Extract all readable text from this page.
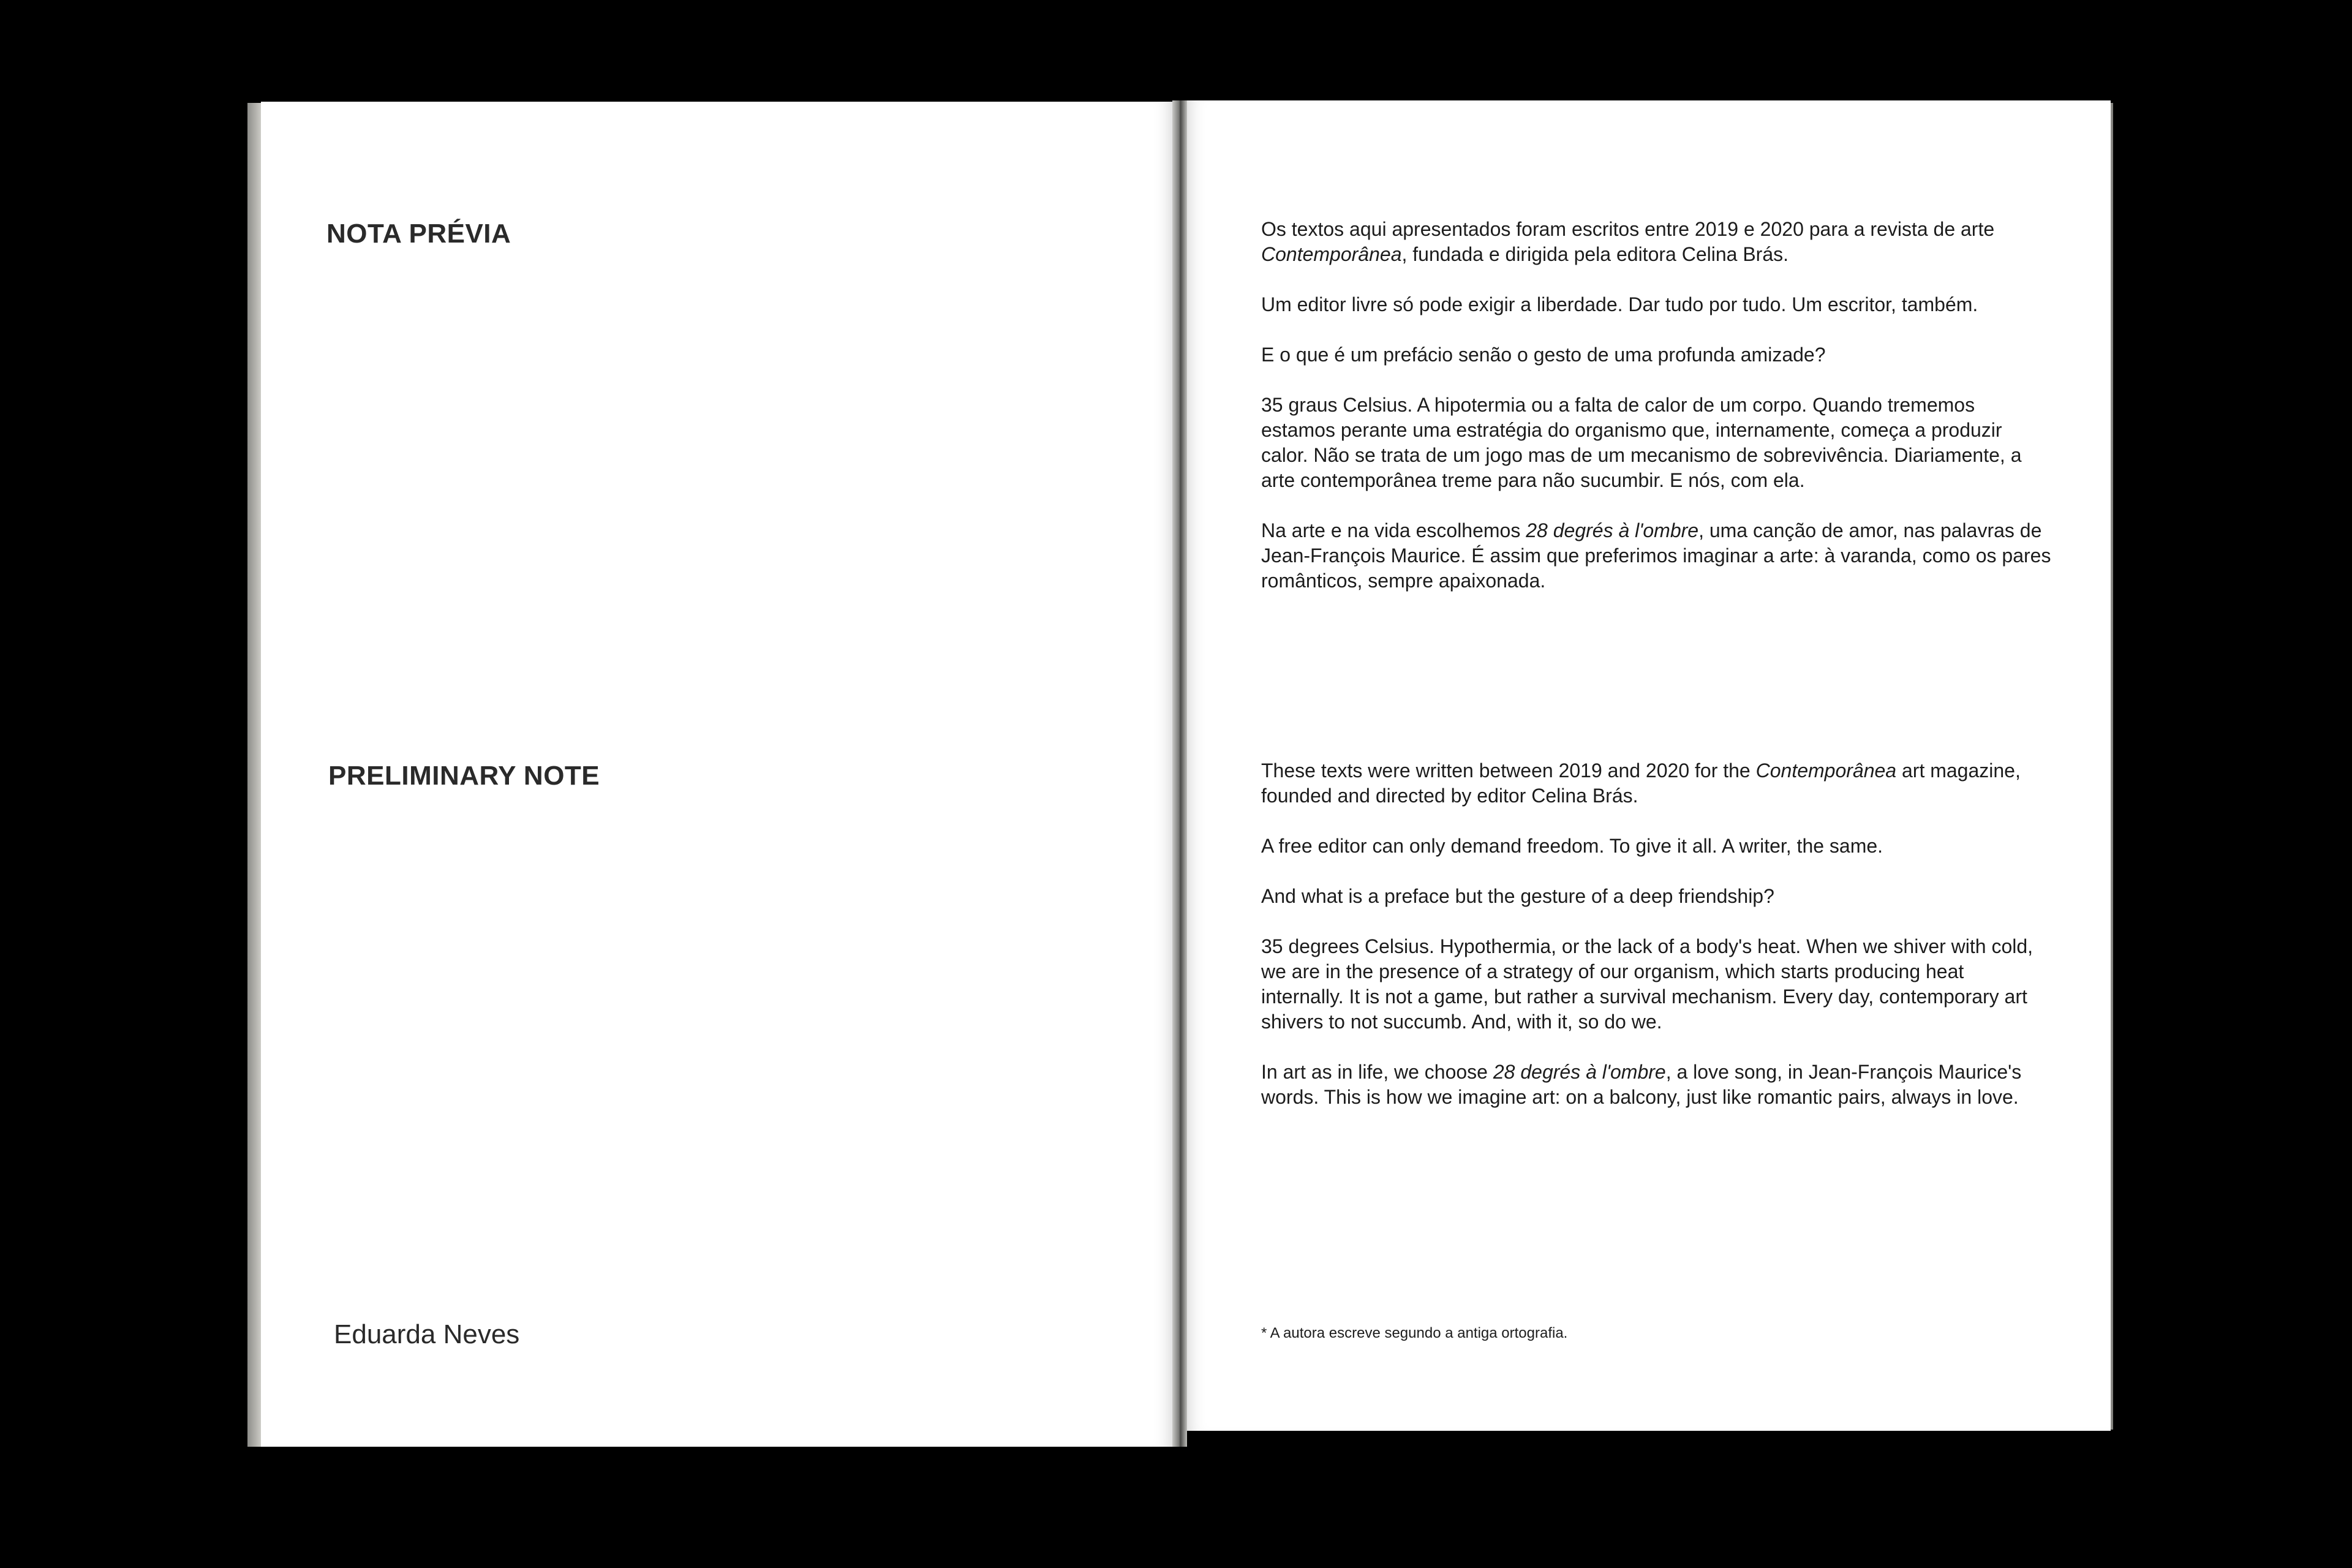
NOTA PRÉVIA
PRELIMINARY NOTE
Eduarda Neves

Os textos aqui apresentados foram escritos entre 2019 e 2020 para a revista de arte Contemporânea, fundada e dirigida pela editora Celina Brás.

Um editor livre só pode exigir a liberdade. Dar tudo por tudo. Um escritor, também.

E o que é um prefácio senão o gesto de uma profunda amizade?

35 graus Celsius. A hipotermia ou a falta de calor de um corpo. Quando trememos estamos perante uma estratégia do organismo que, internamente, começa a produzir calor. Não se trata de um jogo mas de um mecanismo de sobrevivência. Diariamente, a arte contemporânea treme para não sucumbir. E nós, com ela.

Na arte e na vida escolhemos 28 degrés à l'ombre, uma canção de amor, nas palavras de Jean-François Maurice. É assim que preferimos imaginar a arte: à varanda, como os pares românticos, sempre apaixonada.

These texts were written between 2019 and 2020 for the Contemporânea art magazine, founded and directed by editor Celina Brás.

A free editor can only demand freedom. To give it all. A writer, the same.

And what is a preface but the gesture of a deep friendship?

35 degrees Celsius. Hypothermia, or the lack of a body's heat. When we shiver with cold, we are in the presence of a strategy of our organism, which starts producing heat internally. It is not a game, but rather a survival mechanism. Every day, contemporary art shivers to not succumb. And, with it, so do we.

In art as in life, we choose 28 degrés à l'ombre, a love song, in Jean-François Maurice's words. This is how we imagine art: on a balcony, just like romantic pairs, always in love.

* A autora escreve segundo a antiga ortografia.
